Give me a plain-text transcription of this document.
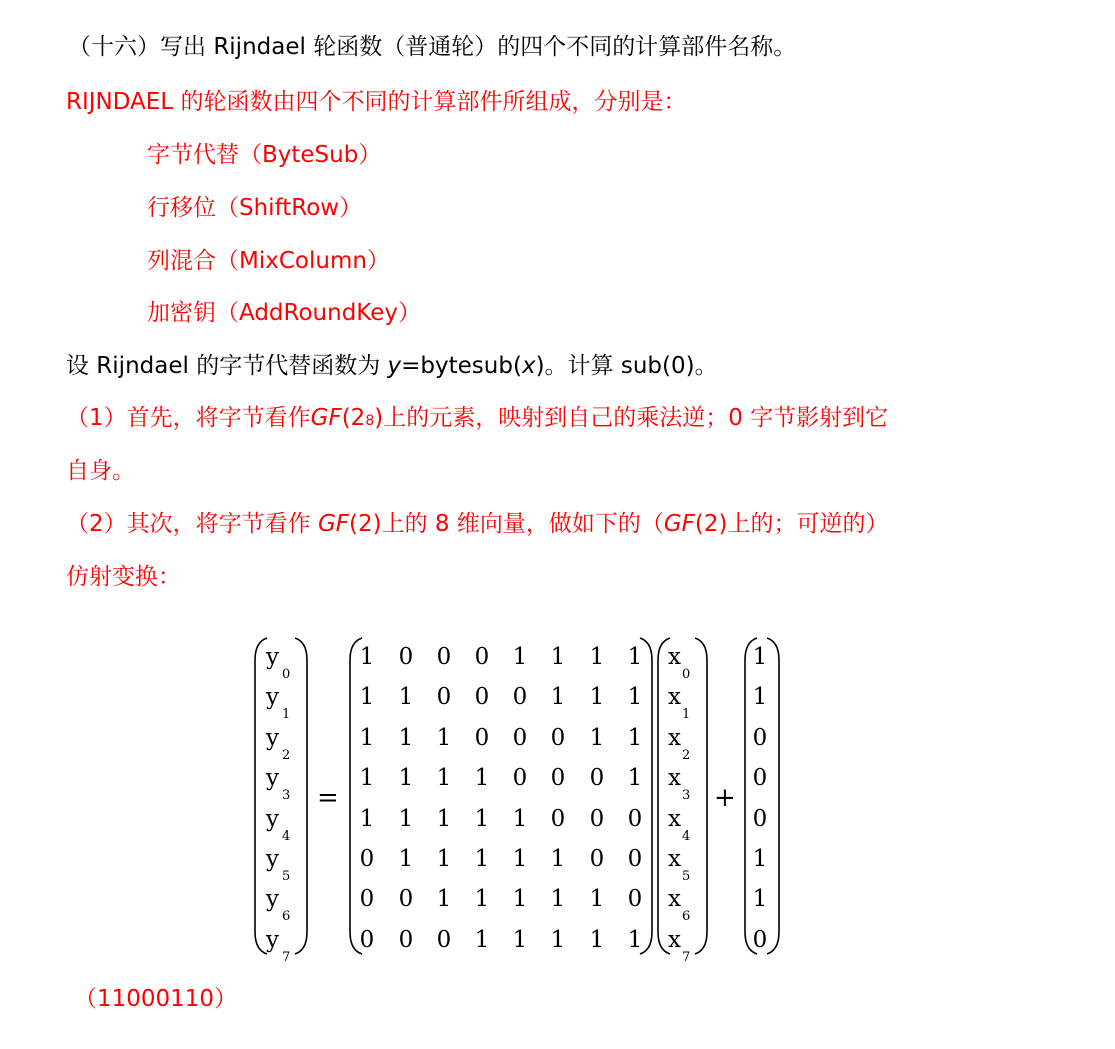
（十六）写出 Rijndael 轮函数（普通轮）的四个不同的计算部件名称。
RIJNDAEL 的轮函数由四个不同的计算部件所组成，分别是：
字节代替（ByteSub）
行移位（ShiftRow）
列混合（MixColumn）
加密钥（AddRoundKey）
设 Rijndael 的字节代替函数为 y=bytesub(x)。计算 sub(0)。
（1）首先，将字节看作GF(28)上的元素，映射到自己的乘法逆；0 字节影射到它
自身。
（2）其次，将字节看作 GF(2)上的 8 维向量，做如下的（GF(2)上的；可逆的）
仿射变换：
y
0
1 0 0 0 1 1 1 1 x
0
1
y
1
1 1 0 0 0 1 1 1 x
1
1
y
2
1 1 1 0 0 0 1 1 x
2
0
y
3
1 1 1 1 0 0 0 1 x
3
0
y
4
1 1 1 1 1 0 0 0 x
4
0
y
5
0 1 1 1 1 1 0 0 x
5
1
y
6
0 0 1 1 1 1 1 0 x
6
1
y
7
0 0 0 1 1 1 1 1 x
7
0
=	+
（11000110）
